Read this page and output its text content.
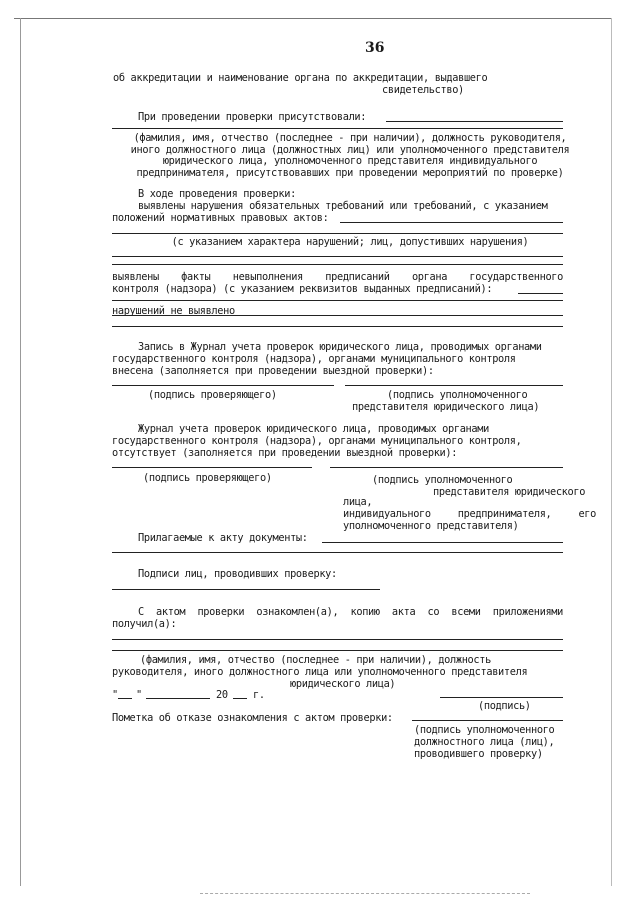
36
об аккредитации и наименование органа по аккредитации, выдавшего
свидетельство)
При проведении проверки присутствовали:
(фамилия, имя, отчество (последнее - при наличии), должность руководителя,
иного должностного лица (должностных лиц) или уполномоченного представителя
юридического лица, уполномоченного представителя индивидуального
предпринимателя, присутствовавших при проведении мероприятий по проверке)
В ходе проведения проверки:
выявлены нарушения обязательных требований или требований, с указанием
положений нормативных правовых актов:
(с указанием характера нарушений; лиц, допустивших нарушения)
выявлены факты невыполнения предписаний органа государственного
контроля (надзора) (с указанием реквизитов выданных предписаний):
нарушений не выявлено
Запись в Журнал учета проверок юридического лица, проводимых органами
государственного контроля (надзора), органами муниципального контроля
внесена (заполняется при проведении выездной проверки):
(подпись проверяющего)	(подпись уполномоченного
представителя юридического лица)
Журнал учета проверок юридического лица, проводимых органами
государственного контроля (надзора), органами муниципального контроля,
отсутствует (заполняется при проведении выездной проверки):
(подпись проверяющего)	(подпись уполномоченного
представителя юридического
лица,
индивидуального предпринимателя, его
уполномоченного представителя)
Прилагаемые к акту документы:
Подписи лиц, проводивших проверку:
С актом проверки ознакомлен(а), копию акта со всеми приложениями
получил(а):
(фамилия, имя, отчество (последнее - при наличии), должность
руководителя, иного должностного лица или уполномоченного представителя
юридического лица)
" "	20 г.
(подпись)
Пометка об отказе ознакомления с актом проверки:
(подпись уполномоченного
должностного лица (лиц),
проводившего проверку)
